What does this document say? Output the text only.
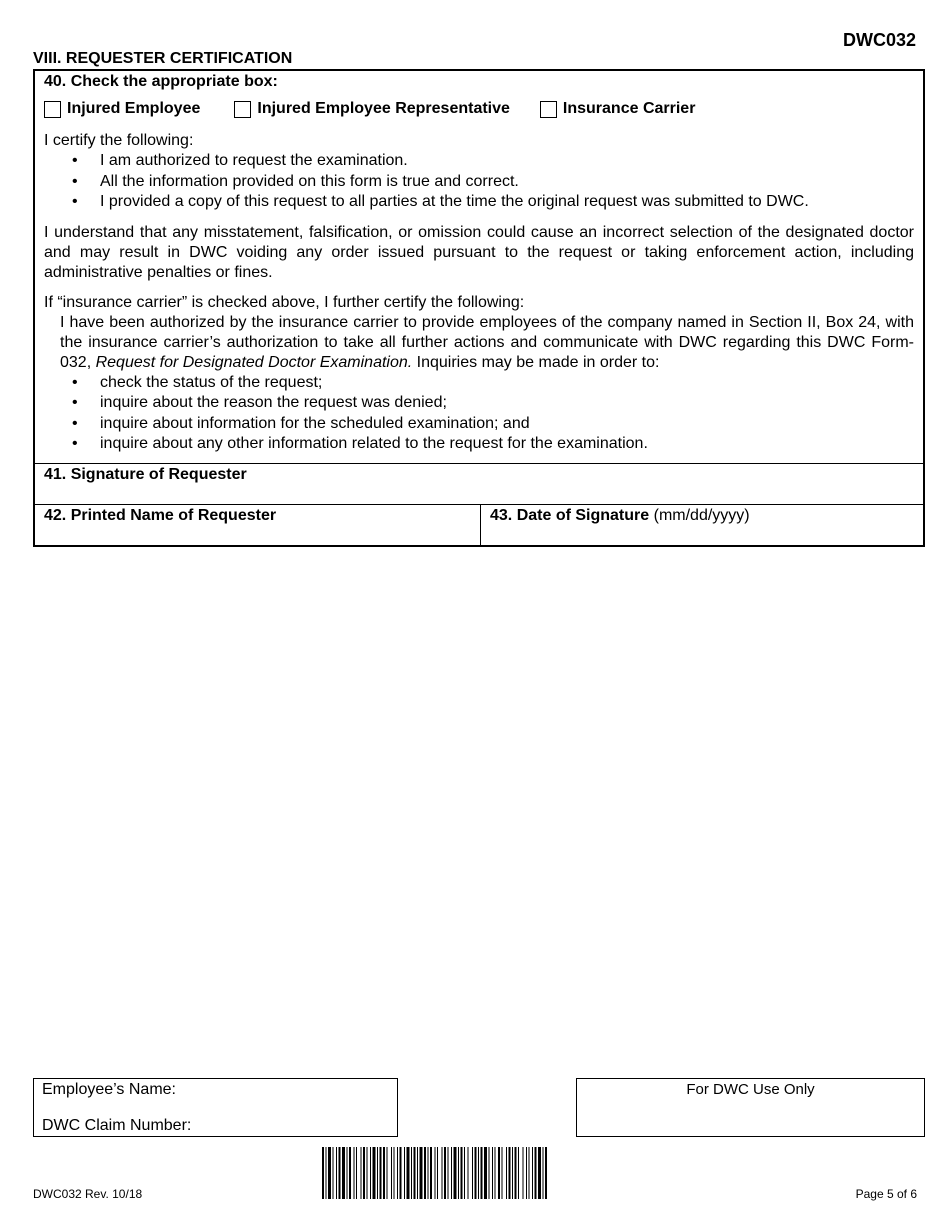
DWC032
VIII. REQUESTER CERTIFICATION
40. Check the appropriate box:
Injured Employee	Injured Employee Representative	Insurance Carrier

I certify the following:

• I am authorized to request the examination.
• All the information provided on this form is true and correct.
• I provided a copy of this request to all parties at the time the original request was submitted to DWC.

I understand that any misstatement, falsification, or omission could cause an incorrect selection of the designated doctor and may result in DWC voiding any order issued pursuant to the request or taking enforcement action, including administrative penalties or fines.

If “insurance carrier” is checked above, I further certify the following:

I have been authorized by the insurance carrier to provide employees of the company named in Section II, Box 24, with the insurance carrier’s authorization to take all further actions and communicate with DWC regarding this DWC Form-032, Request for Designated Doctor Examination. Inquiries may be made in order to:
• check the status of the request;
• inquire about the reason the request was denied;
• inquire about information for the scheduled examination; and
• inquire about any other information related to the request for the examination.
41. Signature of Requester
42. Printed Name of Requester	43. Date of Signature (mm/dd/yyyy)
Employee’s Name:
DWC Claim Number:
For DWC Use Only
DWC032 Rev. 10/18	Page 5 of 6
